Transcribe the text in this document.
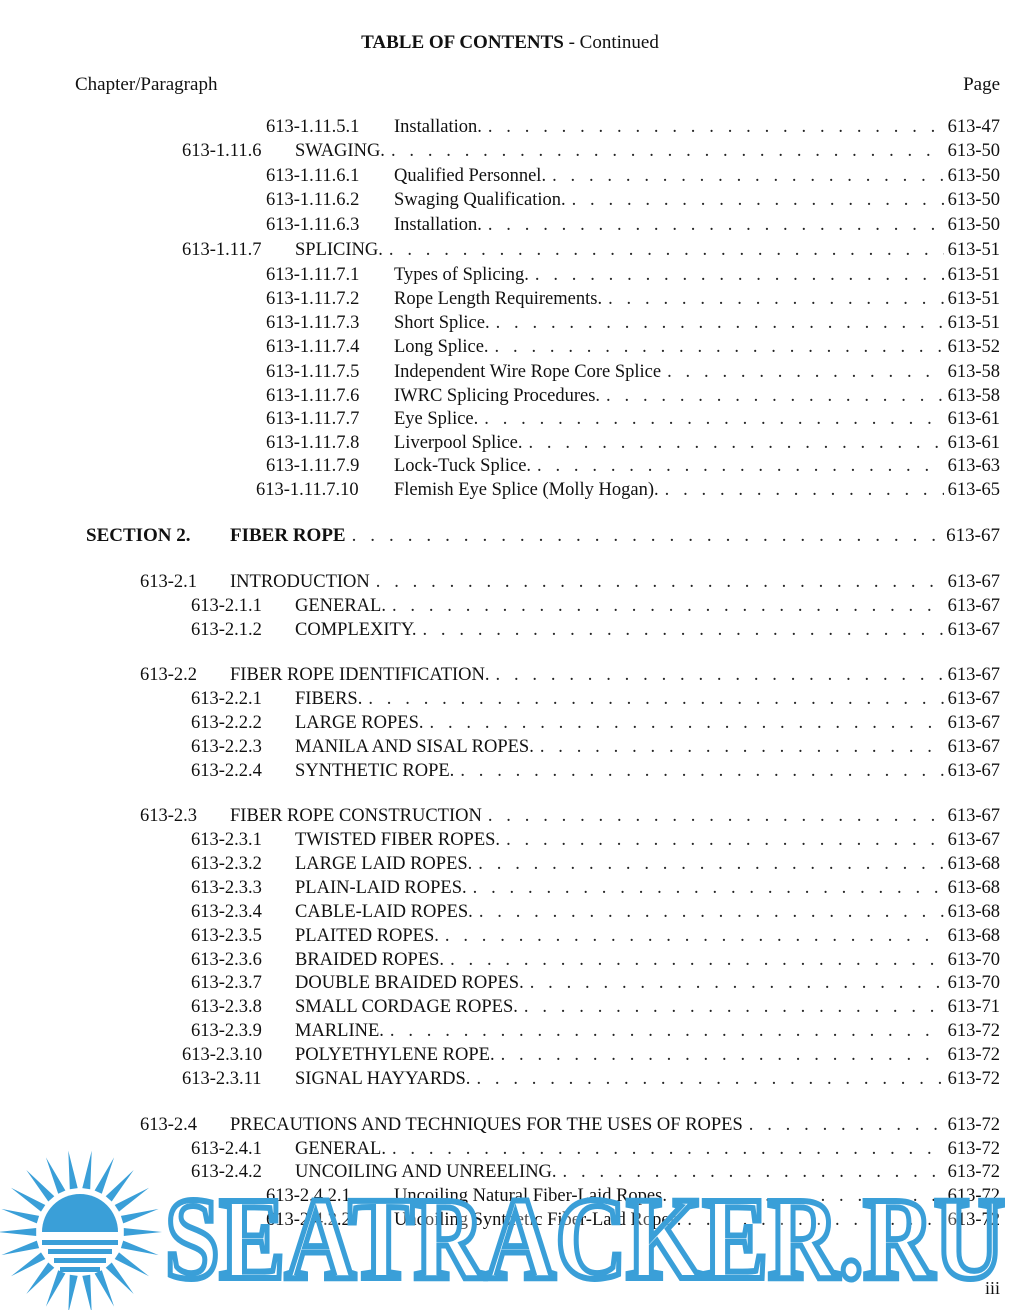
TABLE OF CONTENTS - Continued
Chapter/Paragraph	Page
613-1.11.5.1 Installation. . . .	613-47
613-1.11.6 SWAGING. . . .	613-50
613-1.11.6.1 Qualified Personnel. . . .	613-50
613-1.11.6.2 Swaging Qualification. . . .	613-50
613-1.11.6.3 Installation. . . .	613-50
613-1.11.7 SPLICING. . . .	613-51
613-1.11.7.1 Types of Splicing. . . .	613-51
613-1.11.7.2 Rope Length Requirements. . . .	613-51
613-1.11.7.3 Short Splice. . . .	613-51
613-1.11.7.4 Long Splice. . . .	613-52
613-1.11.7.5 Independent Wire Rope Core Splice . . .	613-58
613-1.11.7.6 IWRC Splicing Procedures. . . .	613-58
613-1.11.7.7 Eye Splice. . . .	613-61
613-1.11.7.8 Liverpool Splice. . . .	613-61
613-1.11.7.9 Lock-Tuck Splice. . . .	613-63
613-1.11.7.10 Flemish Eye Splice (Molly Hogan). . . .	613-65
SECTION 2. FIBER ROPE . . .	613-67
613-2.1 INTRODUCTION . . .	613-67
613-2.1.1 GENERAL. . . .	613-67
613-2.1.2 COMPLEXITY. . . .	613-67
613-2.2 FIBER ROPE IDENTIFICATION. . . .	613-67
613-2.2.1 FIBERS. . . .	613-67
613-2.2.2 LARGE ROPES. . . .	613-67
613-2.2.3 MANILA AND SISAL ROPES. . . .	613-67
613-2.2.4 SYNTHETIC ROPE. . . .	613-67
613-2.3 FIBER ROPE CONSTRUCTION . . .	613-67
613-2.3.1 TWISTED FIBER ROPES. . . .	613-67
613-2.3.2 LARGE LAID ROPES. . . .	613-68
613-2.3.3 PLAIN-LAID ROPES. . . .	613-68
613-2.3.4 CABLE-LAID ROPES. . . .	613-68
613-2.3.5 PLAITED ROPES. . . .	613-68
613-2.3.6 BRAIDED ROPES. . . .	613-70
613-2.3.7 DOUBLE BRAIDED ROPES. . . .	613-70
613-2.3.8 SMALL CORDAGE ROPES. . . .	613-71
613-2.3.9 MARLINE. . . .	613-72
613-2.3.10 POLYETHYLENE ROPE. . . .	613-72
613-2.3.11 SIGNAL HAYYARDS. . . .	613-72
613-2.4 PRECAUTIONS AND TECHNIQUES FOR THE USES OF ROPES . . .	613-72
613-2.4.1 GENERAL. . . .	613-72
613-2.4.2 UNCOILING AND UNREELING. . . .	613-72
613-2.4.2.1 Uncoiling Natural Fiber-Laid Ropes. . . .	613-72
613-2.4.2.2 Uncoiling Synthetic Fiber-Laid Ropes. . . .	613-72
SEATRACKER.RU
iii
